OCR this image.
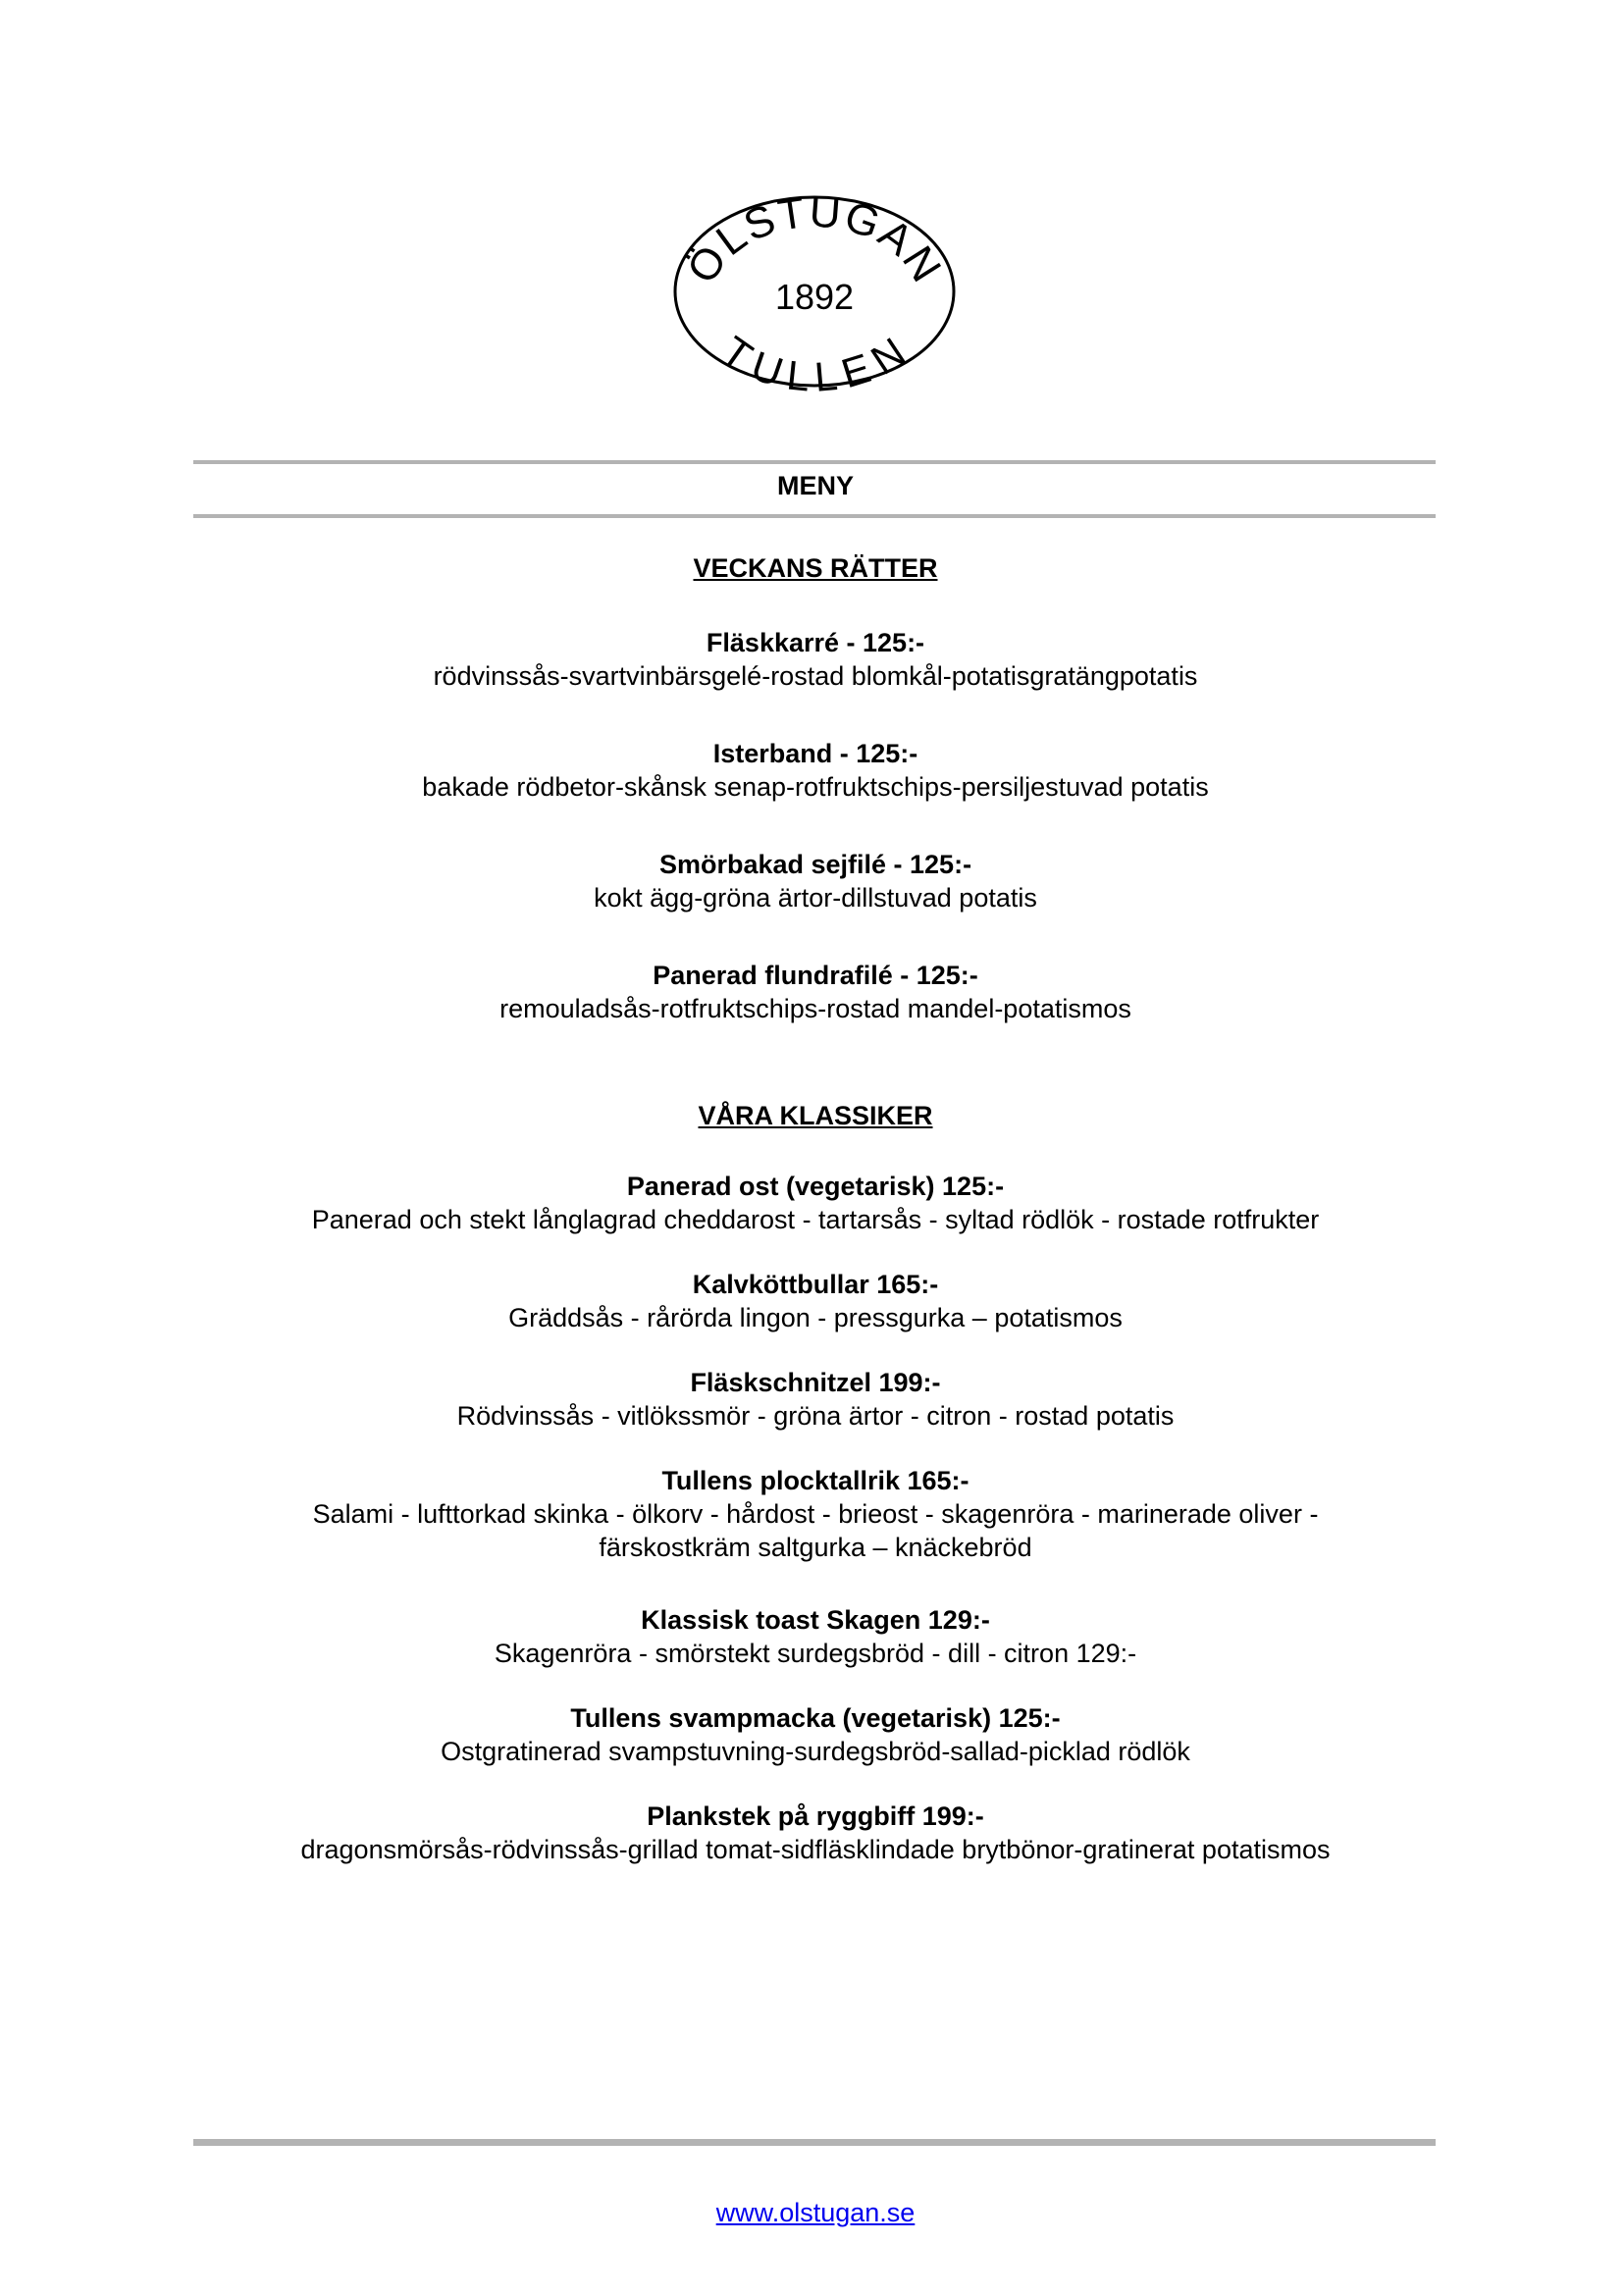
ÖLSTUGAN
1892
TULLEN
MENY
VECKANS RÄTTER
Fläskkarré - 125:-
rödvinssås-svartvinbärsgelé-rostad blomkål-potatisgratängpotatis
Isterband - 125:-
bakade rödbetor-skånsk senap-rotfruktschips-persiljestuvad potatis
Smörbakad sejfilé - 125:-
kokt ägg-gröna ärtor-dillstuvad potatis
Panerad flundrafilé - 125:-
remouladsås-rotfruktschips-rostad mandel-potatismos
VÅRA KLASSIKER
Panerad ost (vegetarisk) 125:-
Panerad och stekt långlagrad cheddarost - tartarsås - syltad rödlök - rostade rotfrukter
Kalvköttbullar 165:-
Gräddsås - rårörda lingon - pressgurka – potatismos
Fläskschnitzel 199:-
Rödvinssås - vitlökssmör - gröna ärtor - citron - rostad potatis
Tullens plocktallrik 165:-
Salami - lufttorkad skinka - ölkorv - hårdost - brieost - skagenröra - marinerade oliver - färskostkräm saltgurka – knäckebröd
Klassisk toast Skagen 129:-
Skagenröra - smörstekt surdegsbröd - dill - citron 129:-
Tullens svampmacka (vegetarisk) 125:-
Ostgratinerad svampstuvning-surdegsbröd-sallad-picklad rödlök
Plankstek på ryggbiff 199:-
dragonsmörsås-rödvinssås-grillad tomat-sidfläsklindade brytbönor-gratinerat potatismos
www.olstugan.se
